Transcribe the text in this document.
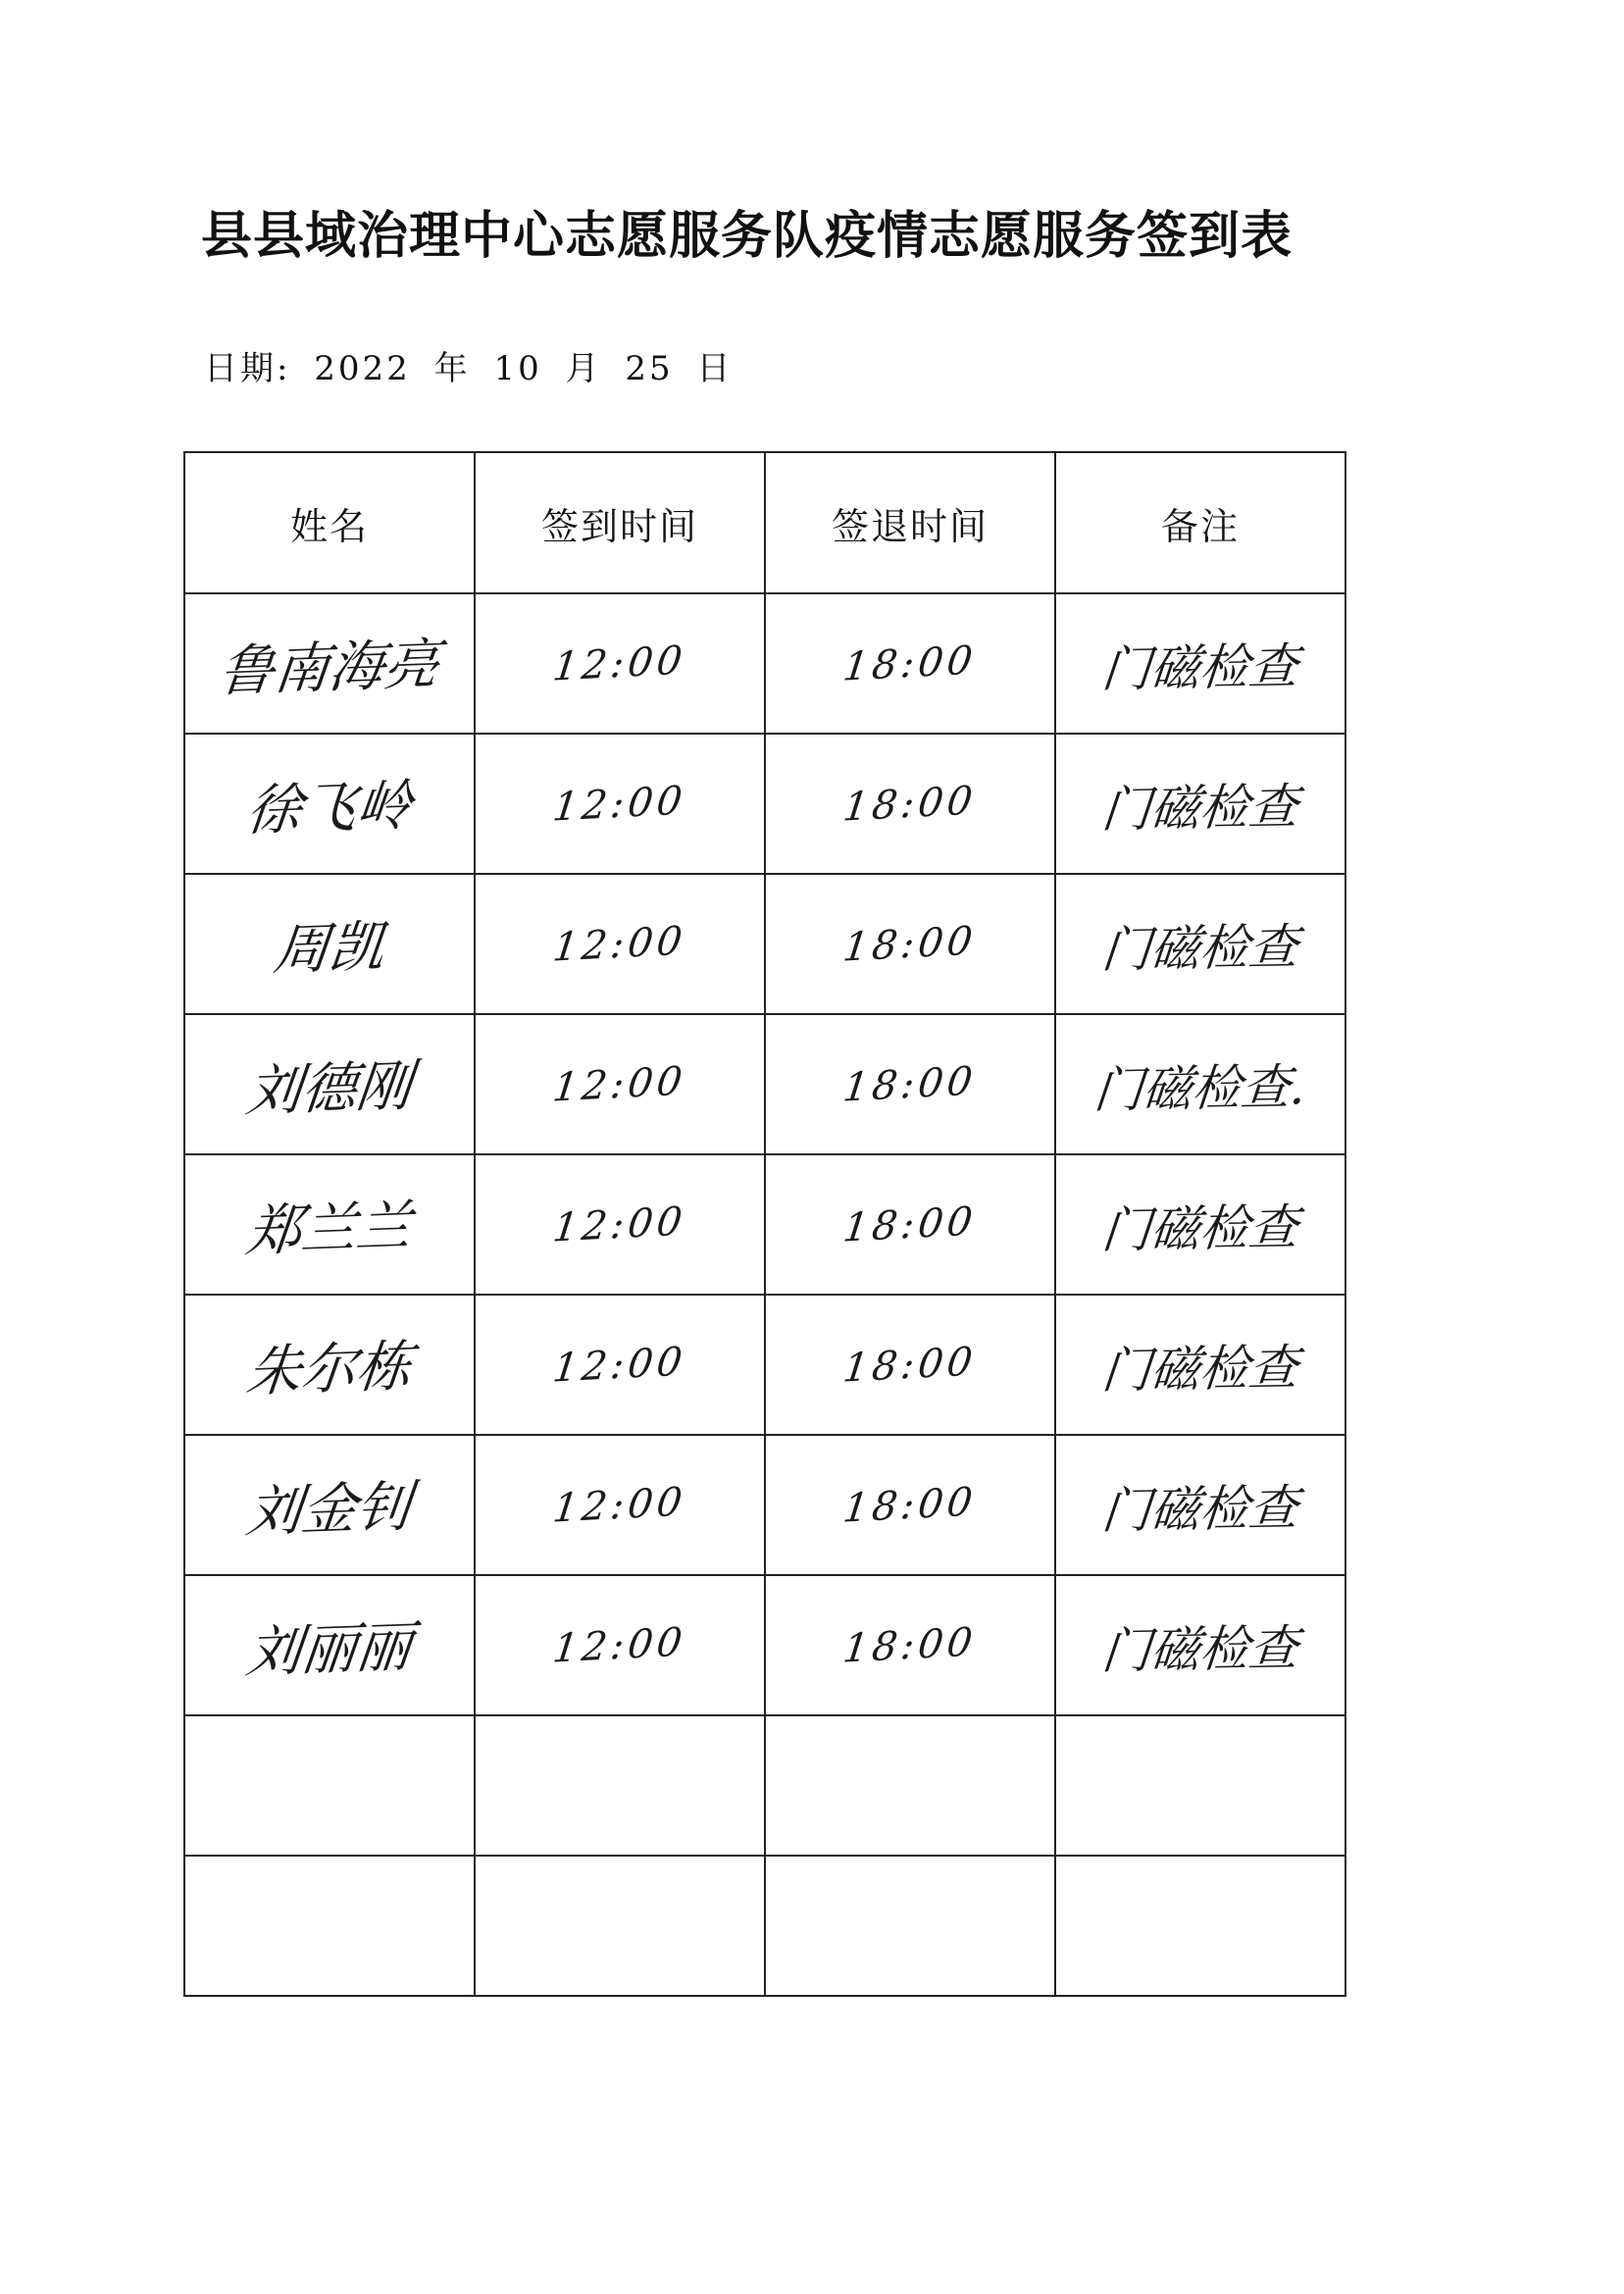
县县域治理中心志愿服务队疫情志愿服务签到表
日期: 2022 年 10 月 25 日
姓名	签到时间	签退时间	备注
鲁南海亮	12:00	18:00	门磁检查
徐飞岭	12:00	18:00	门磁检查
周凯	12:00	18:00	门磁检查
刘德刚	12:00	18:00	门磁检查.
郑兰兰	12:00	18:00	门磁检查
朱尔栋	12:00	18:00	门磁检查
刘金钊	12:00	18:00	门磁检查
刘丽丽	12:00	18:00	门磁检查
